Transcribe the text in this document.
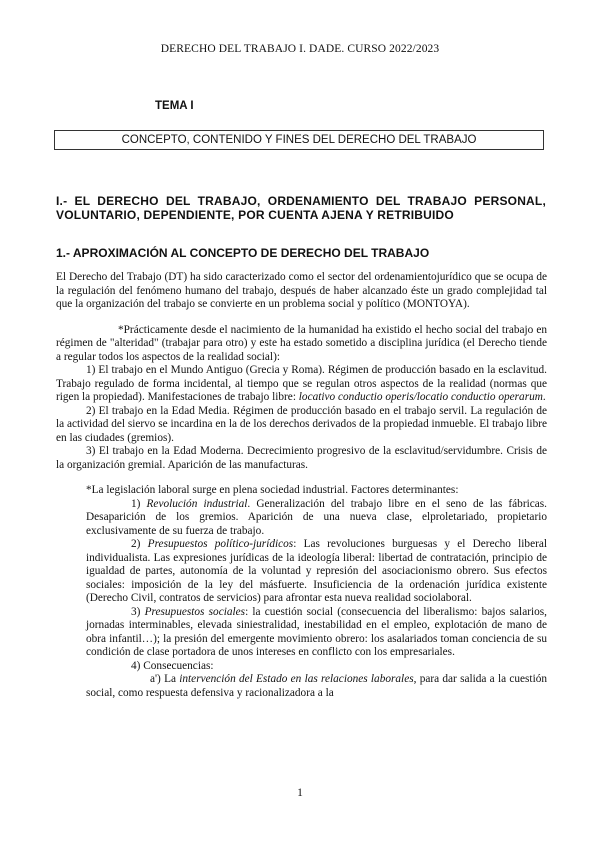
DERECHO DEL TRABAJO I. DADE. CURSO 2022/2023
TEMA I
CONCEPTO, CONTENIDO Y FINES DEL DERECHO DEL TRABAJO
I.- EL DERECHO DEL TRABAJO, ORDENAMIENTO DEL TRABAJO PERSONAL, VOLUNTARIO, DEPENDIENTE, POR CUENTA AJENA Y RETRIBUIDO
1.- APROXIMACIÓN AL CONCEPTO DE DERECHO DEL TRABAJO

El Derecho del Trabajo (DT) ha sido caracterizado como el sector del ordenamientojurídico que se ocupa de la regulación del fenómeno humano del trabajo, después de haber alcanzado éste un grado complejidad tal que la organización del trabajo se convierte en un problema social y político (MONTOYA).

*Prácticamente desde el nacimiento de la humanidad ha existido el hecho social del trabajo en régimen de "alteridad" (trabajar para otro) y este ha estado sometido a disciplina jurídica (el Derecho tiende a regular todos los aspectos de la realidad social):

1) El trabajo en el Mundo Antiguo (Grecia y Roma). Régimen de producción basado en la esclavitud. Trabajo regulado de forma incidental, al tiempo que se regulan otros aspectos de la realidad (normas que rigen la propiedad). Manifestaciones de trabajo libre: locativo conductio operis/locatio conductio operarum.

2) El trabajo en la Edad Media. Régimen de producción basado en el trabajo servil. La regulación de la actividad del siervo se incardina en la de los derechos derivados de la propiedad inmueble. El trabajo libre en las ciudades (gremios).

3) El trabajo en la Edad Moderna. Decrecimiento progresivo de la esclavitud/servidumbre. Crisis de la organización gremial. Aparición de las manufacturas.

*La legislación laboral surge en plena sociedad industrial. Factores determinantes:

1) Revolución industrial. Generalización del trabajo libre en el seno de las fábricas. Desaparición de los gremios. Aparición de una nueva clase, elproletariado, propietario exclusivamente de su fuerza de trabajo.

2) Presupuestos político-jurídicos: Las revoluciones burguesas y el Derecho liberal individualista. Las expresiones jurídicas de la ideología liberal: libertad de contratación, principio de igualdad de partes, autonomía de la voluntad y represión del asociacionismo obrero. Sus efectos sociales: imposición de la ley del másfuerte. Insuficiencia de la ordenación jurídica existente (Derecho Civil, contratos de servicios) para afrontar esta nueva realidad sociolaboral.

3) Presupuestos sociales: la cuestión social (consecuencia del liberalismo: bajos salarios, jornadas interminables, elevada siniestralidad, inestabilidad en el empleo, explotación de mano de obra infantil…); la presión del emergente movimiento obrero: los asalariados toman conciencia de su condición de clase portadora de unos intereses en conflicto con los empresariales.

4) Consecuencias:

a') La intervención del Estado en las relaciones laborales, para dar salida a la cuestión social, como respuesta defensiva y racionalizadora a la

1
